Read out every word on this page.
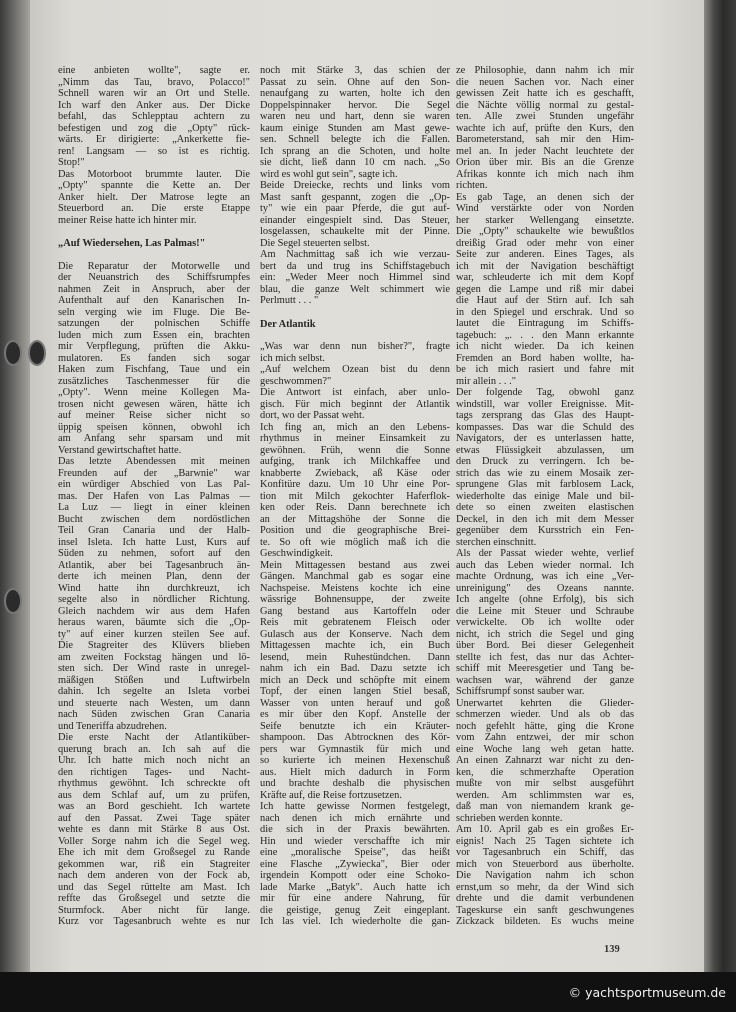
eine anbieten wollte", sagte er.
„Nimm das Tau, bravo, Polacco!"
Schnell waren wir an Ort und Stelle.
Ich warf den Anker aus. Der Dicke
befahl, das Schlepptau achtern zu
befestigen und zog die „Opty" rück-
wärts. Er dirigierte: „Ankerkette fie-
ren! Langsam — so ist es richtig.
Stop!"
Das Motorboot brummte lauter. Die
„Opty" spannte die Kette an. Der
Anker hielt. Der Matrose legte an
Steuerbord an. Die erste Etappe
meiner Reise hatte ich hinter mir.
„Auf Wiedersehen, Las Palmas!"
Die Reparatur der Motorwelle und
der Neuanstrich des Schiffsrumpfes
nahmen Zeit in Anspruch, aber der
Aufenthalt auf den Kanarischen In-
seln verging wie im Fluge. Die Be-
satzungen der polnischen Schiffe
luden mich zum Essen ein, brachten
mir Verpflegung, prüften die Akku-
mulatoren. Es fanden sich sogar
Haken zum Fischfang, Taue und ein
zusätzliches Taschenmesser für die
„Opty". Wenn meine Kollegen Ma-
trosen nicht gewesen wären, hätte ich
auf meiner Reise sicher nicht so
üppig speisen können, obwohl ich
am Anfang sehr sparsam und mit
Verstand gewirtschaftet hatte.
Das letzte Abendessen mit meinen
Freunden auf der „Barwnie" war
ein würdiger Abschied von Las Pal-
mas. Der Hafen von Las Palmas —
La Luz — liegt in einer kleinen
Bucht zwischen dem nordöstlichen
Teil Gran Canaria und der Halb-
insel Isleta. Ich hatte Lust, Kurs auf
Süden zu nehmen, sofort auf den
Atlantik, aber bei Tagesanbruch än-
derte ich meinen Plan, denn der
Wind hatte ihn durchkreuzt, ich
segelte also in nördlicher Richtung.
Gleich nachdem wir aus dem Hafen
heraus waren, bäumte sich die „Op-
ty" auf einer kurzen steilen See auf.
Die Stagreiter des Klüvers blieben
am zweiten Fockstag hängen und lö-
sten sich. Der Wind raste in unregel-
mäßigen Stößen und Luftwirbeln
dahin. Ich segelte an Isleta vorbei
und steuerte nach Westen, um dann
nach Süden zwischen Gran Canaria
und Teneriffa abzudrehen.
Die erste Nacht der Atlantiküber-
querung brach an. Ich sah auf die
Uhr. Ich hatte mich noch nicht an
den richtigen Tages- und Nacht-
rhythmus gewöhnt. Ich schreckte oft
aus dem Schlaf auf, um zu prüfen,
was an Bord geschieht. Ich wartete
auf den Passat. Zwei Tage später
wehte es dann mit Stärke 8 aus Ost.
Voller Sorge nahm ich die Segel weg.
Ehe ich mit dem Großsegel zu Rande
gekommen war, riß ein Stagreiter
nach dem anderen von der Fock ab,
und das Segel rüttelte am Mast. Ich
reffte das Großsegel und setzte die
Sturmfock. Aber nicht für lange.
Kurz vor Tagesanbruch wehte es nur
noch mit Stärke 3, das schien der
Passat zu sein. Ohne auf den Son-
nenaufgang zu warten, holte ich den
Doppelspinnaker hervor. Die Segel
waren neu und hart, denn sie waren
kaum einige Stunden am Mast gewe-
sen. Schnell belegte ich die Fallen.
Ich sprang an die Schoten, und holte
sie dicht, ließ dann 10 cm nach. „So
wird es wohl gut sein", sagte ich.
Beide Dreiecke, rechts und links vom
Mast sanft gespannt, zogen die „Op-
ty" wie ein paar Pferde, die gut auf-
einander eingespielt sind. Das Steuer,
losgelassen, schaukelte mit der Pinne.
Die Segel steuerten selbst.
Am Nachmittag saß ich wie verzau-
bert da und trug ins Schiffstagebuch
ein: „Weder Meer noch Himmel sind
blau, die ganze Welt schimmert wie
Perlmutt . . . "
Der Atlantik
„Was war denn nun bisher?", fragte
ich mich selbst.
„Auf welchem Ozean bist du denn
geschwommen?"
Die Antwort ist einfach, aber unlo-
gisch. Für mich beginnt der Atlantik
dort, wo der Passat weht.
Ich fing an, mich an den Lebens-
rhythmus in meiner Einsamkeit zu
gewöhnen. Früh, wenn die Sonne
aufging, trank ich Milchkaffee und
knabberte Zwieback, aß Käse oder
Konfitüre dazu. Um 10 Uhr eine Por-
tion mit Milch gekochter Haferflok-
ken oder Reis. Dann berechnete ich
an der Mittagshöhe der Sonne die
Position und die geographische Brei-
te. So oft wie möglich maß ich die
Geschwindigkeit.
Mein Mittagessen bestand aus zwei
Gängen. Manchmal gab es sogar eine
Nachspeise. Meistens kochte ich eine
wässrige Bohnensuppe, der zweite
Gang bestand aus Kartoffeln oder
Reis mit gebratenem Fleisch oder
Gulasch aus der Konserve. Nach dem
Mittagessen machte ich, ein Buch
lesend, mein Ruhestündchen. Dann
nahm ich ein Bad. Dazu setzte ich
mich an Deck und schöpfte mit einem
Topf, der einen langen Stiel besaß,
Wasser von unten herauf und goß
es mir über den Kopf. Anstelle der
Seife benutzte ich ein Kräuter-
shampoon. Das Abtrocknen des Kör-
pers war Gymnastik für mich und
so kurierte ich meinen Hexenschuß
aus. Hielt mich dadurch in Form
und brachte deshalb die physischen
Kräfte auf, die Reise fortzusetzen.
Ich hatte gewisse Normen festgelegt,
nach denen ich mich ernährte und
die sich in der Praxis bewährten.
Hin und wieder verschaffte ich mir
eine „moralische Speise", das heißt
eine Flasche „Zywiecka", Bier oder
irgendein Kompott oder eine Schoko-
lade Marke „Batyk". Auch hatte ich
mir für eine andere Nahrung, für
die geistige, genug Zeit eingeplant.
Ich las viel. Ich wiederholte die gan-
ze Philosophie, dann nahm ich mir
die neuen Sachen vor. Nach einer
gewissen Zeit hatte ich es geschafft,
die Nächte völlig normal zu gestal-
ten. Alle zwei Stunden ungefähr
wachte ich auf, prüfte den Kurs, den
Barometerstand, sah mir den Him-
mel an. In jeder Nacht leuchtete der
Orion über mir. Bis an die Grenze
Afrikas konnte ich mich nach ihm
richten.
Es gab Tage, an denen sich der
Wind verstärkte oder von Norden
her starker Wellengang einsetzte.
Die „Opty" schaukelte wie bewußtlos
dreißig Grad oder mehr von einer
Seite zur anderen. Eines Tages, als
ich mit der Navigation beschäftigt
war, schleuderte ich mit dem Kopf
gegen die Lampe und riß mir dabei
die Haut auf der Stirn auf. Ich sah
in den Spiegel und erschrak. Und so
lautet die Eintragung im Schiffs-
tagebuch: „. . . den Mann erkannte
ich nicht wieder. Da ich keinen
Fremden an Bord haben wollte, ha-
be ich mich rasiert und fahre mit
mir allein . . ."
Der folgende Tag, obwohl ganz
windstill, war voller Ereignisse. Mit-
tags zersprang das Glas des Haupt-
kompasses. Das war die Schuld des
Navigators, der es unterlassen hatte,
etwas Flüssigkeit abzulassen, um
den Druck zu verringern. Ich be-
strich das wie zu einem Mosaik zer-
sprungene Glas mit farblosem Lack,
wiederholte das einige Male und bil-
dete so einen zweiten elastischen
Deckel, in den ich mit dem Messer
gegenüber dem Kursstrich ein Fen-
sterchen einschnitt.
Als der Passat wieder wehte, verlief
auch das Leben wieder normal. Ich
machte Ordnung, was ich eine „Ver-
unreinigung" des Ozeans nannte.
Ich angelte (ohne Erfolg), bis sich
die Leine mit Steuer und Schraube
verwickelte. Ob ich wollte oder
nicht, ich strich die Segel und ging
über Bord. Bei dieser Gelegenheit
stellte ich fest, das nur das Achter-
schiff mit Meeresgetier und Tang be-
wachsen war, während der ganze
Schiffsrumpf sonst sauber war.
Unerwartet kehrten die Glieder-
schmerzen wieder. Und als ob das
noch gefehlt hätte, ging die Krone
vom Zahn entzwei, der mir schon
eine Woche lang weh getan hatte.
An einen Zahnarzt war nicht zu den-
ken, die schmerzhafte Operation
mußte von mir selbst ausgeführt
werden. Am schlimmsten war es,
daß man von niemandem krank ge-
schrieben werden konnte.
Am 10. April gab es ein großes Er-
eignis! Nach 25 Tagen sichtete ich
vor Tagesanbruch ein Schiff, das
mich von Steuerbord aus überholte.
Die Navigation nahm ich schon
ernst,um so mehr, da der Wind sich
drehte und die damit verbundenen
Tageskurse ein sanft geschwungenes
Zickzack bildeten. Es wuchs meine
139
© yachtsportmuseum.de
